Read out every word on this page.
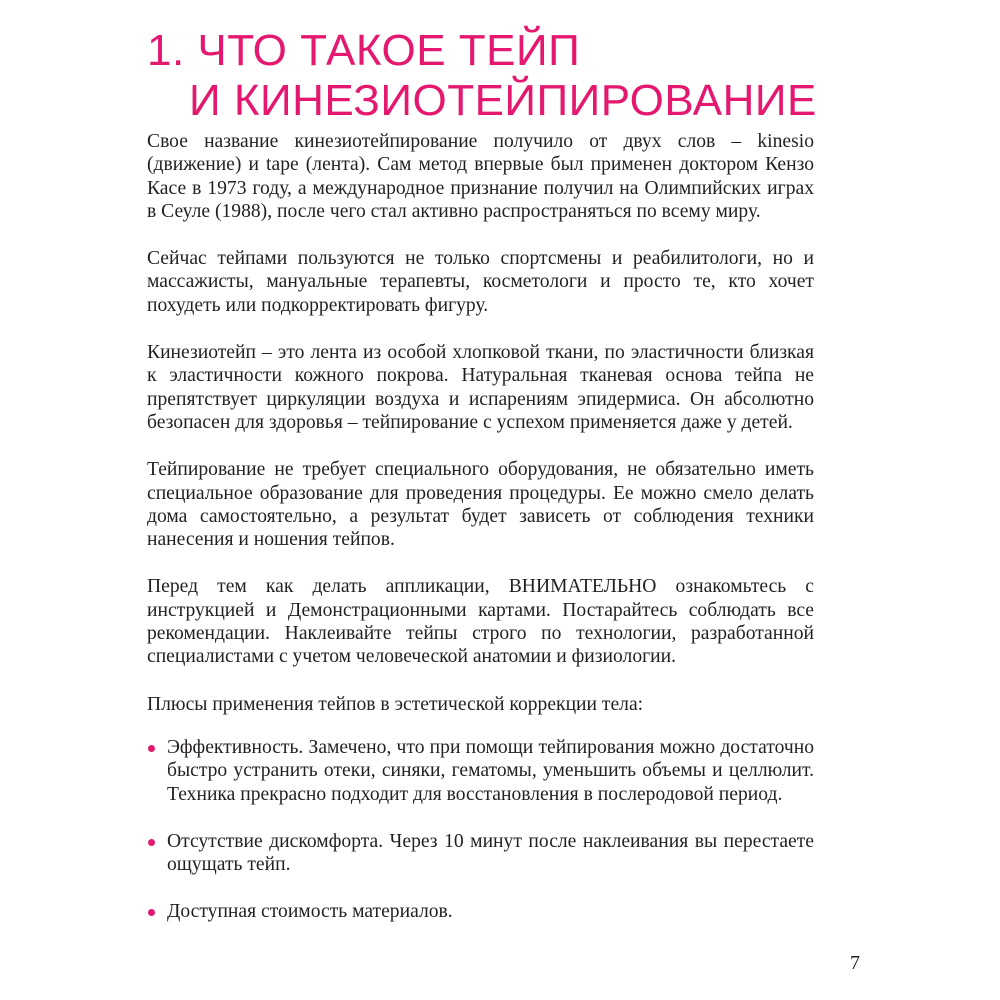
1. ЧТО ТАКОЕ ТЕЙП
И КИНЕЗИОТЕЙПИРОВАНИЕ

Свое название кинезиотейпирование получило от двух слов – kinesio (движение) и tape (лента). Сам метод впервые был применен доктором Кензо Касе в 1973 году, а международное признание получил на Олимпийских играх в Сеуле (1988), после чего стал активно распространяться по всему миру.

Сейчас тейпами пользуются не только спортсмены и реабилитологи, но и массажисты, мануальные терапевты, косметологи и просто те, кто хочет похудеть или подкорректировать фигуру.

Кинезиотейп – это лента из особой хлопковой ткани, по эластичности близкая к эластичности кожного покрова. Натуральная тканевая основа тейпа не препятствует циркуляции воздуха и испарениям эпидермиса. Он абсолютно безопасен для здоровья – тейпирование с успехом применяется даже у детей.

Тейпирование не требует специального оборудования, не обязательно иметь специальное образование для проведения процедуры. Ее можно смело делать дома самостоятельно, а результат будет зависеть от соблюдения техники нанесения и ношения тейпов.

Перед тем как делать аппликации, ВНИМАТЕЛЬНО ознакомьтесь с инструкцией и Демонстрационными картами. Постарайтесь соблюдать все рекомендации. Наклеивайте тейпы строго по технологии, разработанной специалистами с учетом человеческой анатомии и физиологии.

Плюсы применения тейпов в эстетической коррекции тела:

Эффективность. Замечено, что при помощи тейпирования можно достаточно быстро устранить отеки, синяки, гематомы, уменьшить объемы и целлюлит. Техника прекрасно подходит для восстановления в послеродовой период.
Отсутствие дискомфорта. Через 10 минут после наклеивания вы перестаете ощущать тейп.
Доступная стоимость материалов.
7
